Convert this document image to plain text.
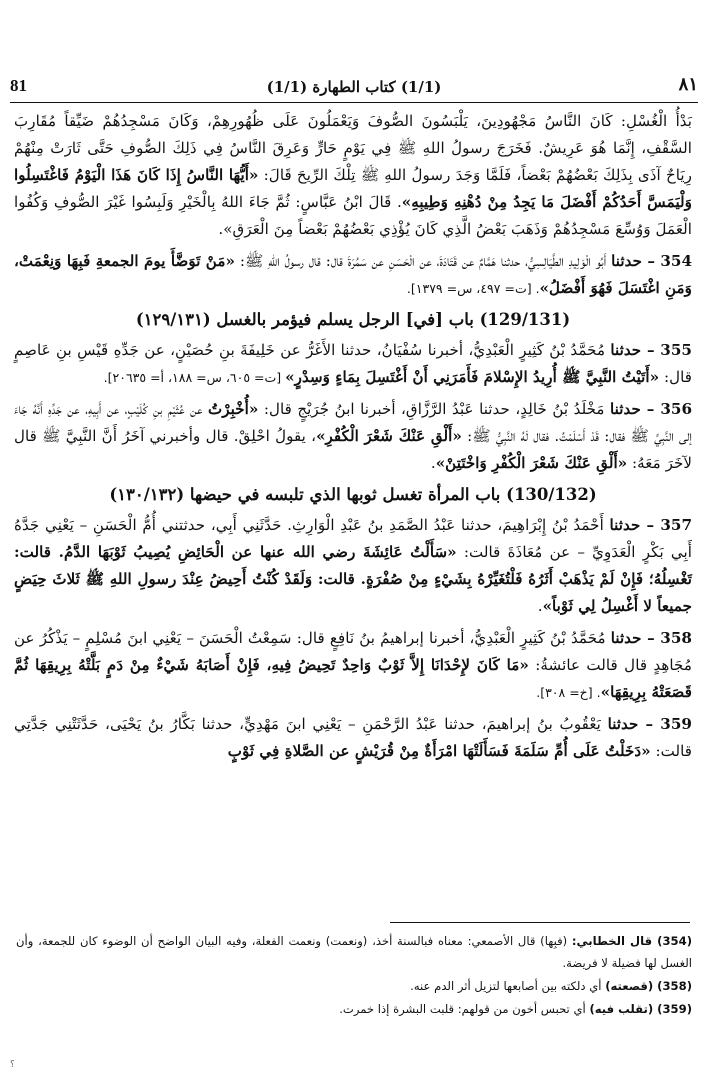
81	(1/1) كتاب الطهارة (1/1)	٨١

بَدْأُ الْغُسْلِ: كَانَ النَّاسُ مَجْهُودِينَ، يَلْبَسُونَ الصُّوفَ وَيَعْمَلُونَ عَلَى ظُهُورِهِمْ، وَكَانَ مَسْجِدُهُمْ ضَيِّقاً مُقَارِبَ السَّقْفِ، إِنَّمَا هُوَ عَرِيشٌ. فَخَرَجَ رسولُ اللهِ ﷺ فِي يَوْمٍ حَارٍّ وَعَرِقَ النَّاسُ فِي ذَلِكَ الصُّوفِ حَتَّى ثَارَتْ مِنْهُمْ رِيَاحٌ آذَى بِذَلِكَ بَعْضُهُمْ بَعْضاً، فَلَمَّا وَجَدَ رسولُ اللهِ ﷺ تِلْكَ الرِّيحَ قَالَ: «أَيُّهَا النَّاسُ إِذَا كَانَ هَذَا الْيَوْمُ فَاغْتَسِلُوا وَلْيَمَسَّ أَحَدُكُمْ أَفْضَلَ مَا يَجِدُ مِنْ دُهْنِهِ وَطِيبِهِ». قَالَ ابْنُ عَبَّاسٍ: ثُمَّ جَاءَ اللهُ بِالْخَيْرِ وَلَبِسُوا غَيْرَ الصُّوفِ وَكُفُوا الْعَمَلَ وَوُسِّعَ مَسْجِدُهُمْ وَذَهَبَ بَعْضُ الَّذِي كَانَ يُؤْذِي بَعْضُهُمْ بَعْضاً مِنَ الْعَرَقِ».

354 – حدثنا أَبُو الْوَلِيدِ الطَّيَالِسِيُّ، حدثنا هَمَّامٌ عن قَتَادَةَ، عن الْحَسَنِ عن سَمُرَةَ قال: قال رسولُ اللهِ ﷺ: «مَنْ تَوَضَّأَ يومَ الجمعةِ فَبِهَا وَنِعْمَتْ، وَمَنِ اغْتَسَلَ فَهُوَ أَفْضَلُ». [ت= ٤٩٧، س= ١٣٧٩].

(129/131) باب [في] الرجل يسلم فيؤمر بالغسل (١٢٩/١٣١)

355 – حدثنا مُحَمَّدُ بْنُ كَثِيرٍ الْعَبْدِيُّ، أخبرنا سُفْيَانُ، حدثنا الأَغَرُّ عن خَلِيفَةَ بنِ حُصَيْنٍ، عن جَدِّهِ قَيْسِ بنِ عَاصِمٍ قال: «أَتَيْتُ النَّبِيَّ ﷺ أُرِيدُ الإِسْلامَ فَأَمَرَنِي أَنْ أَغْتَسِلَ بِمَاءٍ وَسِدْرٍ» [ت= ٦٠٥، س= ١٨٨، أ= ٢٠٦٣٥].

356 – حدثنا مَخْلَدُ بْنُ خَالِدٍ، حدثنا عَبْدُ الرَّزَّاقِ، أخبرنا ابنُ جُرَيْجٍ قال: «أُخْبِرْتُ عن عُثَيْمِ بنِ كُلَيْبٍ، عن أَبِيهِ، عن جَدِّهِ أَنَّهُ جَاءَ إلى النَّبِيِّ ﷺ فقال: قَدْ أَسْلَمْتُ. فقال لَهُ النَّبِيُّ ﷺ: «أَلْقِ عَنْكَ شَعْرَ الْكُفْرِ»، يقولُ احْلِقْ. قال وأخبرني آخَرُ أَنَّ النَّبِيَّ ﷺ قال لآخَرَ مَعَهُ: «أَلْقِ عَنْكَ شَعْرَ الْكُفْرِ وَاخْتَتِنْ».

(130/132) باب المرأة تغسل ثوبها الذي تلبسه في حيضها (١٣٠/١٣٢)

357 – حدثنا أَحْمَدُ بْنُ إِبْرَاهِيمَ، حدثنا عَبْدُ الصَّمَدِ بنُ عَبْدِ الْوَارِثِ. حَدَّثَنِي أَبِي، حدثتني أُمُّ الْحَسَنِ – يَعْنِي جَدَّهُ أَبِي بَكْرٍ الْعَدَوِيِّ – عن مُعَاذَةَ قالت: «سَأَلْتُ عَائِشَةَ رضي الله عنها عن الْحَائِضِ يُصِيبُ ثَوْبَهَا الدَّمُ. قالت: تَغْسِلُهُ؛ فَإِنْ لَمْ يَذْهَبْ أَثَرُهُ فَلْتُغَيِّرْهُ بِشَيْءٍ مِنْ صُفْرَةٍ. قالت: وَلَقَدْ كُنْتُ أَحِيضُ عِنْدَ رسولِ اللهِ ﷺ ثَلاثَ حِيَضٍ جميعاً لا أَغْسِلُ لِي ثَوْباً».

358 – حدثنا مُحَمَّدُ بْنُ كَثِيرٍ الْعَبْدِيُّ، أخبرنا إبراهيمُ بنُ نَافِعٍ قال: سَمِعْتُ الْحَسَنَ – يَعْنِي ابنَ مُسْلِمٍ – يَذْكُرُ عن مُجَاهِدٍ قال قالت عائشةُ: «مَا كَانَ لإِحْدَانَا إِلاَّ ثَوْبٌ وَاحِدٌ تَحِيضُ فِيهِ، فَإِنْ أَصَابَهُ شَيْءٌ مِنْ دَمٍ بَلَّتْهُ بِرِيقِهَا ثُمَّ قَصَعَتْهُ بِرِيقِهَا». [خ= ٣٠٨].

359 – حدثنا يَعْقُوبُ بنُ إبراهيمَ، حدثنا عَبْدُ الرَّحْمَنِ – يَعْنِي ابنَ مَهْدِيٍّ، حدثنا بَكَّارُ بنُ يَحْيَى، حَدَّثَتْنِي جَدَّتِي قالت: «دَخَلْتُ عَلَى أُمِّ سَلَمَةَ فَسَأَلَتْهَا امْرَأَةٌ مِنْ قُرَيْشٍ عن الصَّلاةِ فِي ثَوْبٍ

(354) قال الخطابي: (فبِها) قال الأصمعي: معناه فبالسنة أخذ، (ونعمت) ونعمت الفعلة، وفيه البيان الواضح أن الوضوء كان للجمعة، وأن الغسل لها فضيلة لا فريضة.

(358) (قصعته) أي دلكته بين أصابعها لتزيل أثر الدم عنه.

(359) (تقلب فيه) أي تحبس أخون من قولهم: قلبت البشرة إذا خمرت.

؟
